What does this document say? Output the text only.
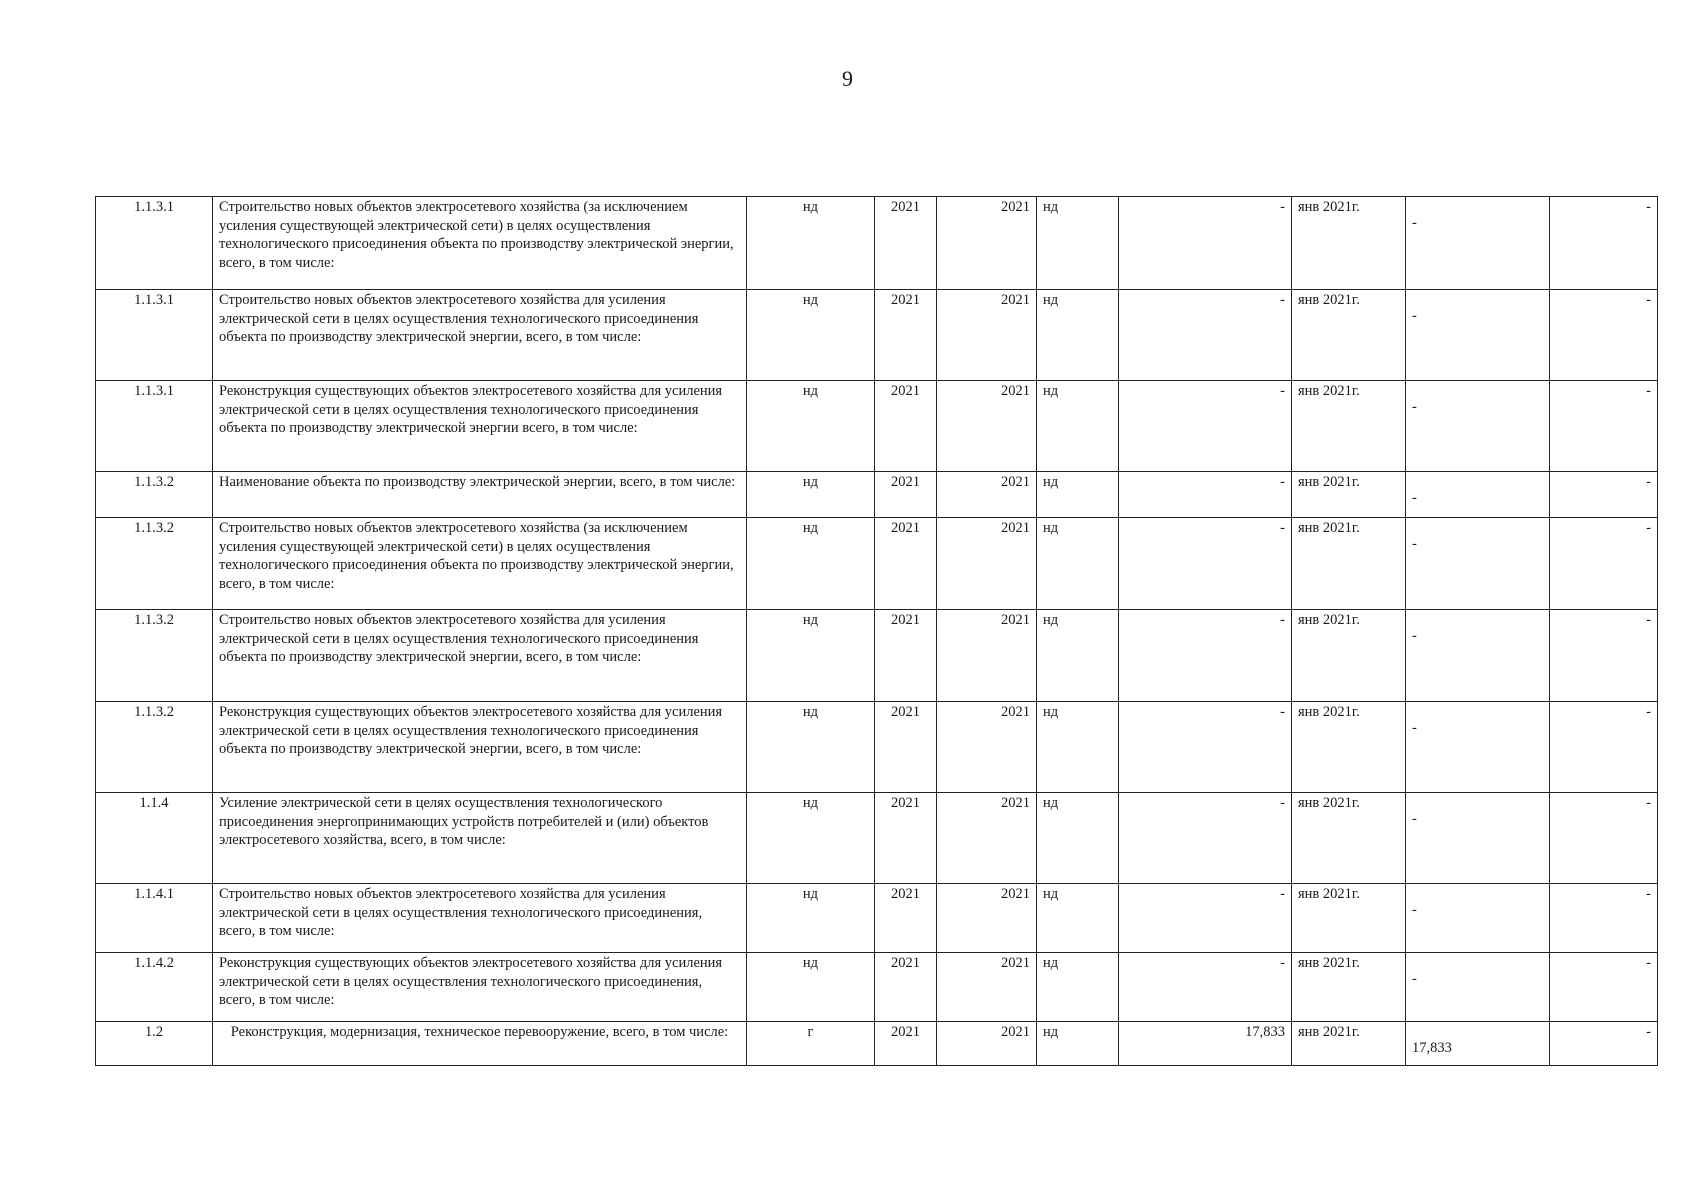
9
1.1.3.1	Строительство новых объектов электросетевого хозяйства (за исключением усиления существующей электрической сети) в целях осуществления технологического присоединения объекта по производству электрической энергии, всего, в том числе:	нд	2021	2021	нд	-	янв 2021г.	-	-
1.1.3.1	Строительство новых объектов электросетевого хозяйства для усиления электрической сети в целях осуществления технологического присоединения объекта по производству электрической энергии, всего, в том числе:	нд	2021	2021	нд	-	янв 2021г.	-	-
1.1.3.1	Реконструкция существующих объектов электросетевого хозяйства для усиления электрической сети в целях осуществления технологического присоединения объекта по производству электрической энергии всего, в том числе:	нд	2021	2021	нд	-	янв 2021г.	-	-
1.1.3.2	Наименование объекта по производству электрической энергии, всего, в том числе:	нд	2021	2021	нд	-	янв 2021г.	-	-
1.1.3.2	Строительство новых объектов электросетевого хозяйства (за исключением усиления существующей электрической сети) в целях осуществления технологического присоединения объекта по производству электрической энергии, всего, в том числе:	нд	2021	2021	нд	-	янв 2021г.	-	-
1.1.3.2	Строительство новых объектов электросетевого хозяйства для усиления электрической сети в целях осуществления технологического присоединения объекта по производству электрической энергии, всего, в том числе:	нд	2021	2021	нд	-	янв 2021г.	-	-
1.1.3.2	Реконструкция существующих объектов электросетевого хозяйства для усиления электрической сети в целях осуществления технологического присоединения объекта по производству электрической энергии, всего, в том числе:	нд	2021	2021	нд	-	янв 2021г.	-	-
1.1.4	Усиление электрической сети в целях осуществления технологического присоединения энергопринимающих устройств потребителей и (или) объектов электросетевого хозяйства, всего, в том числе:	нд	2021	2021	нд	-	янв 2021г.	-	-
1.1.4.1	Строительство новых объектов электросетевого хозяйства для усиления электрической сети в целях осуществления технологического присоединения, всего, в том числе:	нд	2021	2021	нд	-	янв 2021г.	-	-
1.1.4.2	Реконструкция существующих объектов электросетевого хозяйства для усиления электрической сети в целях осуществления технологического присоединения, всего, в том числе:	нд	2021	2021	нд	-	янв 2021г.	-	-
1.2	Реконструкция, модернизация, техническое перевооружение, всего, в том числе:	г	2021	2021	нд	17,833	янв 2021г.	17,833	-
